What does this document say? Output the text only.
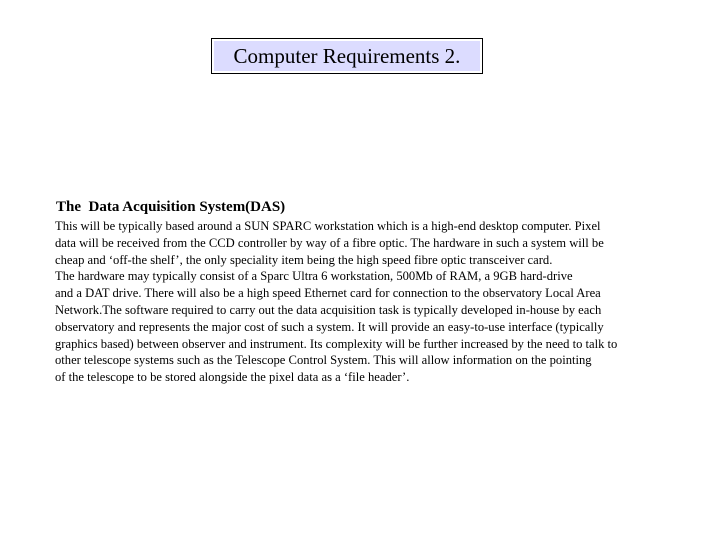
Computer Requirements 2.
The  Data Acquisition System(DAS)
This will be typically based around a SUN SPARC workstation which is a high-end desktop computer. Pixel
data will be received from the CCD controller by way of a fibre optic. The hardware in such a system will be
cheap and ‘off-the shelf’, the only speciality item being the high speed fibre optic transceiver card.
The hardware may typically consist of a Sparc Ultra 6 workstation, 500Mb of RAM, a 9GB hard-drive
and a DAT drive. There will also be a high speed Ethernet card for connection to the observatory Local Area
Network.The software required to carry out the data acquisition task is typically developed in-house by each
observatory and represents the major cost of such a system. It will provide an easy-to-use interface (typically
graphics based) between observer and instrument. Its complexity will be further increased by the need to talk to
other telescope systems such as the Telescope Control System. This will allow information on the pointing
of the telescope to be stored alongside the pixel data as a ‘file header’.
